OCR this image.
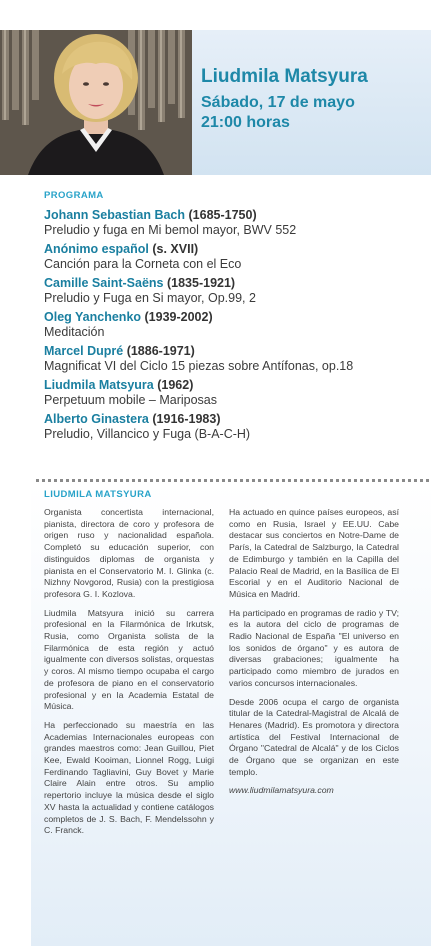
Liudmila Matsyura
Sábado, 17 de mayo
21:00 horas
PROGRAMA
Johann Sebastian Bach (1685-1750)
Preludio y fuga en Mi bemol mayor, BWV 552
Anónimo español (s. XVII)
Canción para la Corneta con el Eco
Camille Saint-Saëns (1835-1921)
Preludio y Fuga en Si mayor, Op.99, 2
Oleg Yanchenko (1939-2002)
Meditación
Marcel Dupré (1886-1971)
Magnificat VI del Ciclo 15 piezas sobre Antífonas, op.18
Liudmila Matsyura (1962)
Perpetuum mobile – Mariposas
Alberto Ginastera (1916-1983)
Preludio, Villancico y Fuga (B-A-C-H)
LIUDMILA MATSYURA

Organista concertista internacional, pianista, directora de coro y profesora de origen ruso y nacionalidad española. Completó su educación superior, con distinguidos diplomas de organista y pianista en el Conservatorio M. I. Glinka (c. Nizhny Novgorod, Rusia) con la prestigiosa profesora G. I. Kozlova.

Liudmila Matsyura inició su carrera profesional en la Filarmónica de Irkutsk, Rusia, como Organista solista de la Filarmónica de esta región y actuó igualmente con diversos solistas, orquestas y coros. Al mismo tiempo ocupaba el cargo de profesora de piano en el conservatorio profesional y en la Academia Estatal de Música.

Ha perfeccionado su maestría en las Academias Internacionales europeas con grandes maestros como: Jean Guillou, Piet Kee, Ewald Kooiman, Lionnel Rogg, Luigi Ferdinando Tagliavini, Guy Bovet y Marie Claire Alain entre otros. Su amplio repertorio incluye la música desde el siglo XV hasta la actualidad y contiene catálogos completos de J. S. Bach, F. Mendelssohn y C. Franck.

Ha actuado en quince países europeos, así como en Rusia, Israel y EE.UU. Cabe destacar sus conciertos en Notre-Dame de París, la Catedral de Salzburgo, la Catedral de Edimburgo y también en la Capilla del Palacio Real de Madrid, en la Basílica de El Escorial y en el Auditorio Nacional de Música en Madrid.

Ha participado en programas de radio y TV; es la autora del ciclo de programas de Radio Nacional de España "El universo en los sonidos de órgano" y es autora de diversas grabaciones; igualmente ha participado como miembro de jurados en varios concursos internacionales.

Desde 2006 ocupa el cargo de organista titular de la Catedral-Magistral de Alcalá de Henares (Madrid). Es promotora y directora artística del Festival Internacional de Órgano "Catedral de Alcalá" y de los Ciclos de Órgano que se organizan en este templo.

www.liudmilamatsyura.com
